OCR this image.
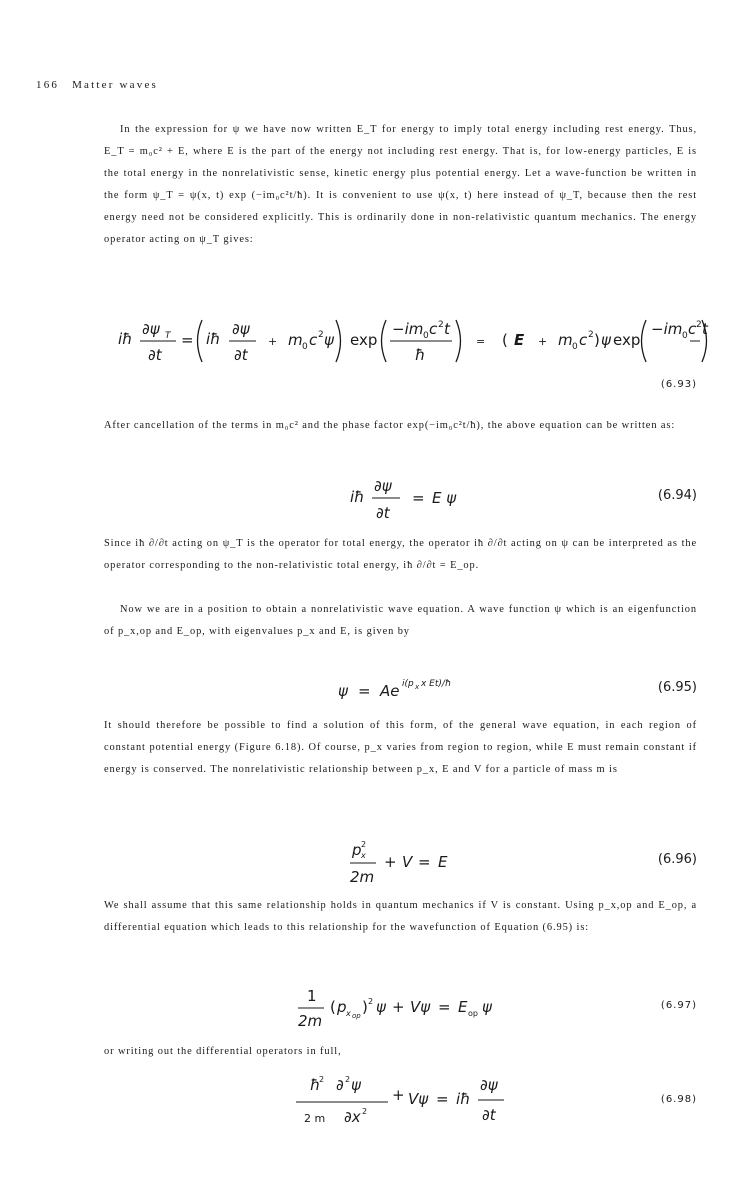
166 Matter waves

In the expression for ψ we have now written E_T for energy to imply total energy including rest energy. Thus, E_T = m₀c² + E, where E is the part of the energy not including rest energy. That is, for low-energy particles, E is the total energy in the nonrelativistic sense, kinetic energy plus potential energy. Let a wave-function be written in the form ψ_T = ψ(x, t) exp (−im₀c²t/ħ). It is convenient to use ψ(x, t) here instead of ψ_T, because then the rest energy need not be considered explicitly. This is ordinarily done in non-relativistic quantum mechanics. The energy operator acting on ψ_T gives:

iħ
∂ψ T
∂t
= iħ
∂ψ
∂t
+ m 0 c 2 ψ exp
−im 0 c 2 t
ħ
= ( E + m 0 c 2 ) ψ exp
−im 0 c 2 t
(6.93)

After cancellation of the terms in m₀c² and the phase factor exp(−im₀c²t/ħ), the above equation can be written as:

iħ
∂ψ
∂t
= E ψ	(6.94)

Since iħ ∂/∂t acting on ψ_T is the operator for total energy, the operator iħ ∂/∂t acting on ψ can be interpreted as the operator corresponding to the non-relativistic total energy, iħ ∂/∂t = E_op.

Now we are in a position to obtain a nonrelativistic wave equation. A wave function ψ which is an eigenfunction of p_x,op and E_op, with eigenvalues p_x and E, is given by

ψ = Ae i(p x x Et)/ħ	(6.95)

It should therefore be possible to find a solution of this form, of the general wave equation, in each region of constant potential energy (Figure 6.18). Of course, p_x varies from region to region, while E must remain constant if energy is conserved. The nonrelativistic relationship between p_x, E and V for a particle of mass m is

p 2
x
2m
+ V = E	(6.96)

We shall assume that this same relationship holds in quantum mechanics if V is constant. Using p_x,op and E_op, a differential equation which leads to this relationship for the wavefunction of Equation (6.95) is:

1
2m
( p x op ) 2 ψ + Vψ = E op ψ	(6.97)

or writing out the differential operators in full,

ħ
2 ∂ 2 ψ
2 m ∂x 2
+ Vψ = iħ
∂ψ
∂t
(6.98)
